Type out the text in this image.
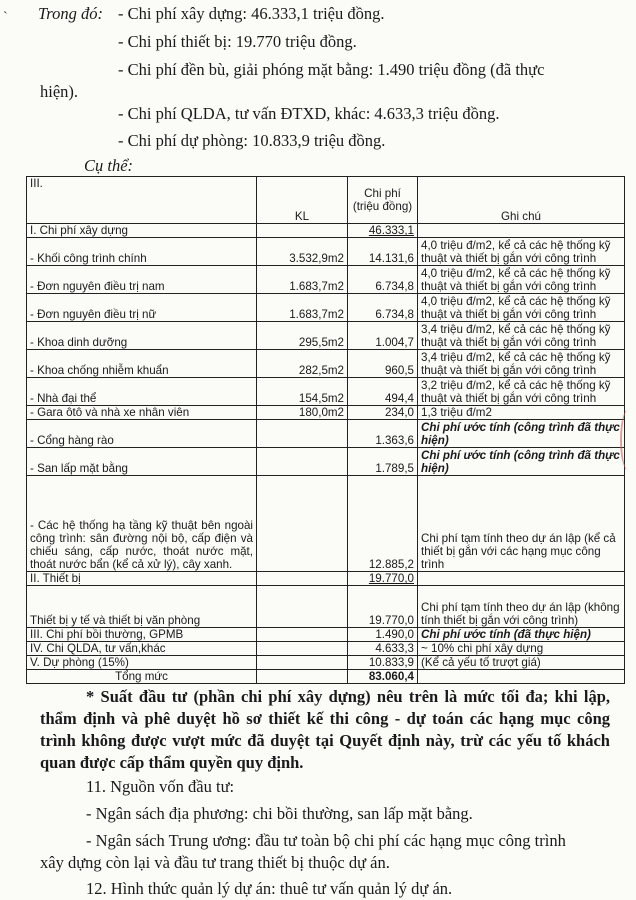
` Trong đó: - Chi phí xây dựng: 46.333,1 triệu đồng.
- Chi phí thiết bị: 19.770 triệu đồng.
- Chi phí đền bù, giải phóng mặt bằng: 1.490 triệu đồng (đã thực
hiện).
- Chi phí QLDA, tư vấn ĐTXD, khác: 4.633,3 triệu đồng.
- Chi phí dự phòng: 10.833,9 triệu đồng.
Cụ thể:
III.	KL	Chi phí (triệu đồng)	Ghi chú
I. Chi phí xây dựng		46.333,1	
- Khối công trình chính	3.532,9m2	14.131,6	4,0 triệu đ/m2, kể cả các hệ thống kỹ thuật và thiết bị gắn với công trình
- Đơn nguyên điều trị nam	1.683,7m2	6.734,8	4,0 triệu đ/m2, kể cả các hệ thống kỹ thuật và thiết bị gắn với công trình
- Đơn nguyên điều trị nữ	1.683,7m2	6.734,8	4,0 triệu đ/m2, kể cả các hệ thống kỹ thuật và thiết bị gắn với công trình
- Khoa dinh dưỡng	295,5m2	1.004,7	3,4 triệu đ/m2, kể cả các hệ thống kỹ thuật và thiết bị gắn với công trình
- Khoa chống nhiễm khuẩn	282,5m2	960,5	3,4 triệu đ/m2, kể cả các hệ thống kỹ thuật và thiết bị gắn với công trình
- Nhà đại thể	154,5m2	494,4	3,2 triệu đ/m2, kể cả các hệ thống kỹ thuật và thiết bị gắn với công trình
- Gara ôtô và nhà xe nhân viên	180,0m2	234,0	1,3 triệu đ/m2
- Cổng hàng rào		1.363,6	Chi phí ước tính (công trình đã thực hiện)
- San lấp mặt bằng		1.789,5	Chi phí ước tính (công trình đã thực hiện)
- Các hệ thống hạ tầng kỹ thuật bên ngoài công trình: sân đường nội bộ, cấp điện và chiếu sáng, cấp nước, thoát nước mặt, thoát nước bẩn (kể cả xử lý), cây xanh.		12.885,2	Chi phí tạm tính theo dự án lập (kể cả thiết bị gắn với các hạng mục công trình
II. Thiết bị		19.770,0	
Thiết bị y tế và thiết bị văn phòng		19.770,0	Chi phí tạm tính theo dự án lập (không tính thiết bị gắn với công trình)
III. Chi phí bồi thường, GPMB		1.490,0	Chi phí ước tính (đã thực hiện)
IV. Chi QLDA, tư vấn,khác		4.633,3	~ 10% chi phí xây dựng
V. Dự phòng (15%)		10.833,9	(Kể cả yếu tố trượt giá)
Tổng mức		83.060,4	
* Suất đầu tư (phần chi phí xây dựng) nêu trên là mức tối đa; khi lập, thẩm định và phê duyệt hồ sơ thiết kế thi công - dự toán các hạng mục công trình không được vượt mức đã duyệt tại Quyết định này, trừ các yếu tố khách quan được cấp thẩm quyền quy định.
11. Nguồn vốn đầu tư:
- Ngân sách địa phương: chi bồi thường, san lấp mặt bằng.
- Ngân sách Trung ương: đầu tư toàn bộ chi phí các hạng mục công trình
xây dựng còn lại và đầu tư trang thiết bị thuộc dự án.
12. Hình thức quản lý dự án: thuê tư vấn quản lý dự án.
